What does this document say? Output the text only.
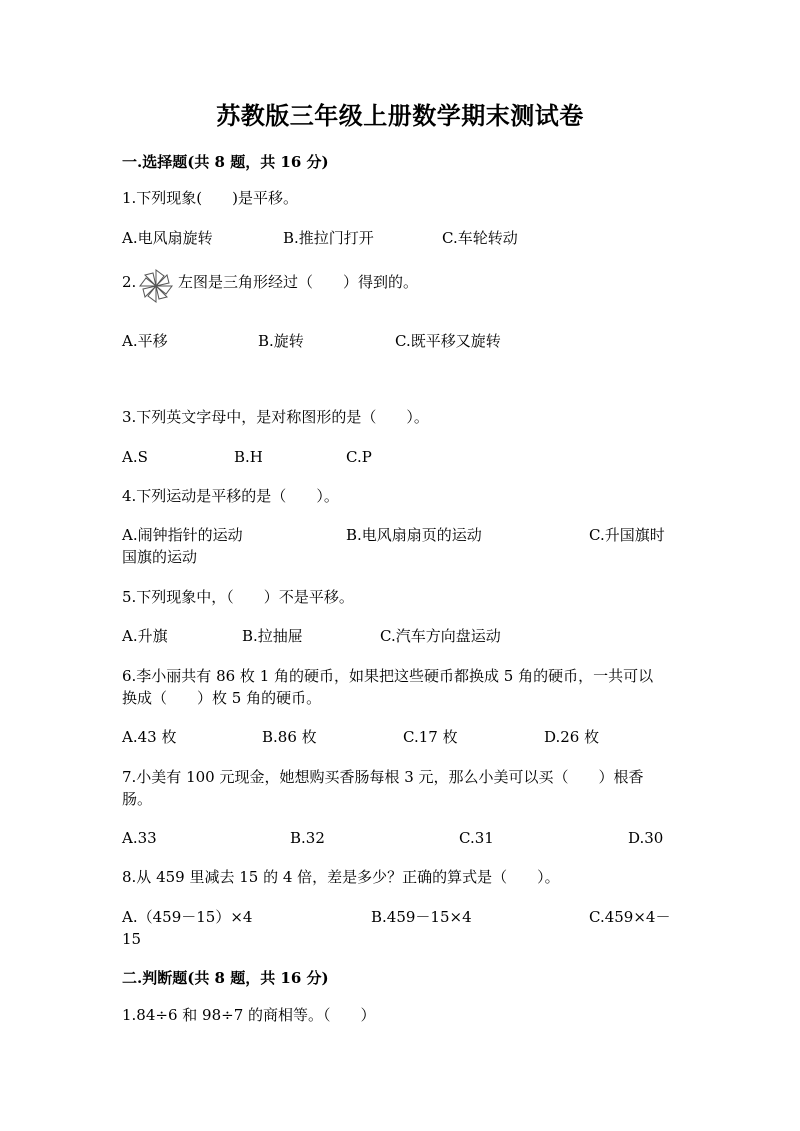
苏教版三年级上册数学期末测试卷
一.选择题(共 8 题，共 16 分)
1.下列现象(　　)是平移。
A.电风扇旋转	B.推拉门打开	C.车轮转动
2.	左图是三角形经过（　　）得到的。
A.平移	B.旋转	C.既平移又旋转
3.下列英文字母中，是对称图形的是（　　）。
A.S	B.H	C.P
4.下列运动是平移的是（　　）。
A.闹钟指针的运动	B.电风扇扇页的运动	C.升国旗时
国旗的运动
5.下列现象中，（　　）不是平移。
A.升旗	B.拉抽屉	C.汽车方向盘运动
6.李小丽共有 86 枚 1 角的硬币，如果把这些硬币都换成 5 角的硬币，一共可以
换成（　　）枚 5 角的硬币。
A.43 枚	B.86 枚	C.17 枚	D.26 枚
7.小美有 100 元现金，她想购买香肠每根 3 元，那么小美可以买（　　）根香
肠。
A.33	B.32	C.31	D.30
8.从 459 里减去 15 的 4 倍，差是多少？正确的算式是（　　）。
A.（459－15）×4	B.459－15×4	C.459×4－
15
二.判断题(共 8 题，共 16 分)
1.84÷6 和 98÷7 的商相等。（　　）
